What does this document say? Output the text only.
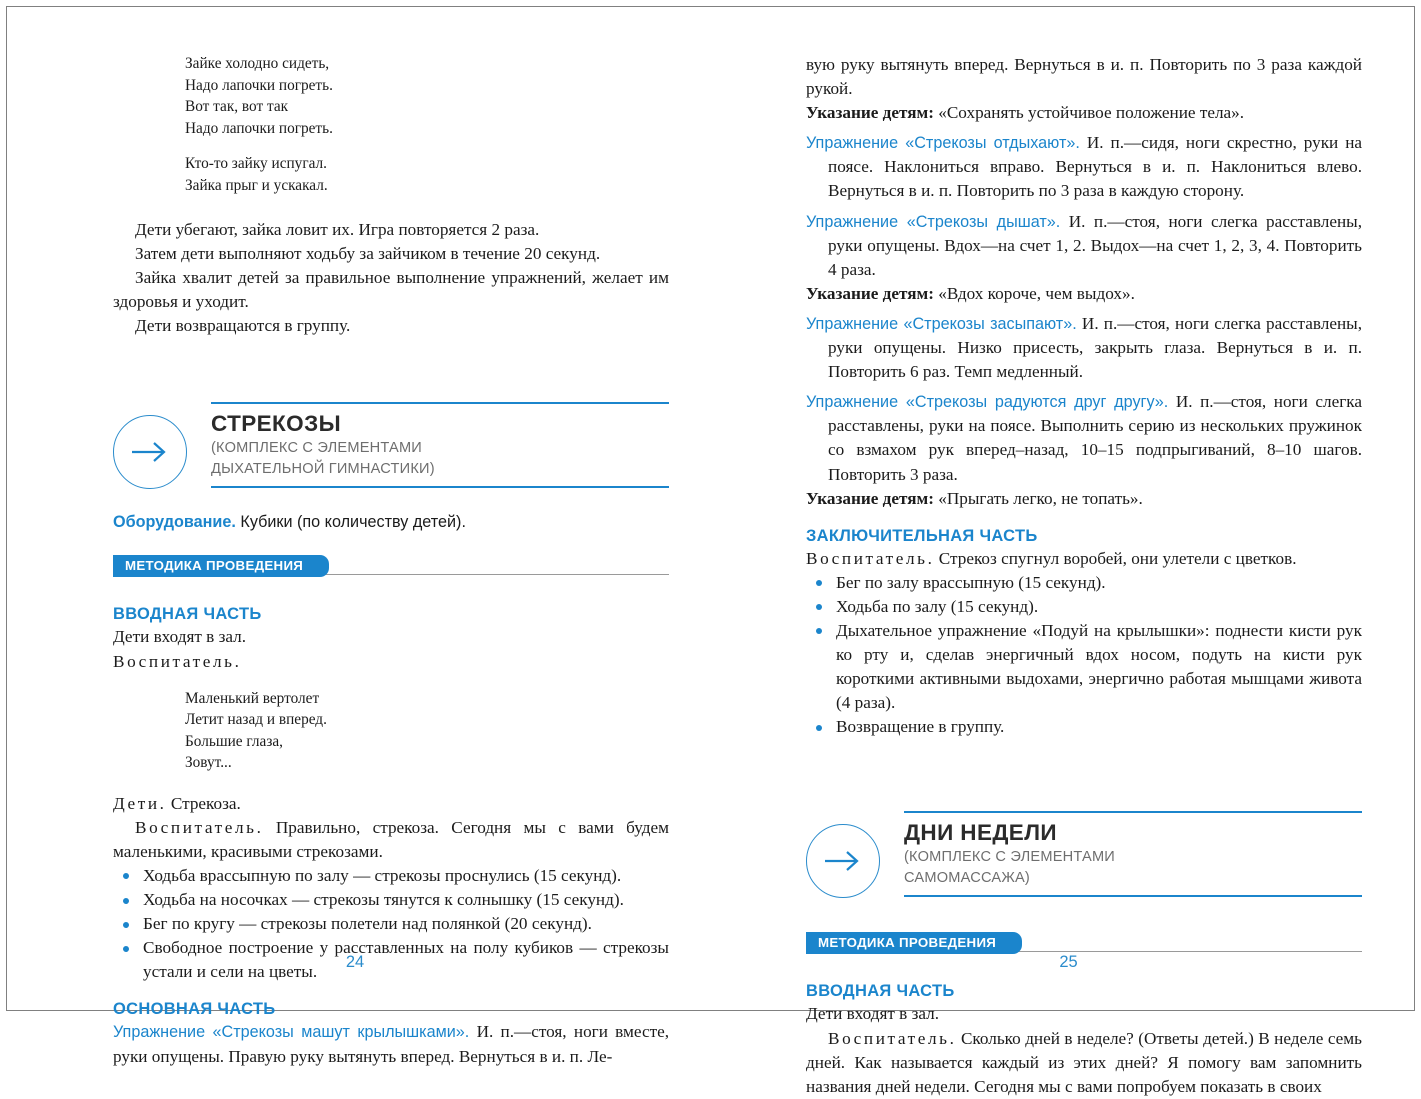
Зайке холодно сидеть,
Надо лапочки погреть.
Вот так, вот так
Надо лапочки погреть.
Кто-то зайку испугал.
Зайка прыг и ускакал.

Дети убегают, зайка ловит их. Игра повторяется 2 раза.

Затем дети выполняют ходьбу за зайчиком в течение 20 секунд.

Зайка хвалит детей за правильное выполнение упражнений, желает им здоровья и уходит.

Дети возвращаются в группу.

СТРЕКОЗЫ
(КОМПЛЕКС С ЭЛЕМЕНТАМИ
ДЫХАТЕЛЬНОЙ ГИМНАСТИКИ)
Оборудование. Кубики (по количеству детей).
МЕТОДИКА ПРОВЕДЕНИЯ
ВВОДНАЯ ЧАСТЬ

Дети входят в зал.

Воспитатель.

Маленький вертолет
Летит назад и вперед.
Большие глаза,
Зовут...

Дети. Стрекоза.

Воспитатель. Правильно, стрекоза. Сегодня мы с вами будем маленькими, красивыми стрекозами.

Ходьба врассыпную по залу — стрекозы проснулись (15 секунд).
Ходьба на носочках — стрекозы тянутся к солнышку (15 секунд).
Бег по кругу — стрекозы полетели над полянкой (20 секунд).
Свободное построение у расставленных на полу кубиков — стрекозы устали и сели на цветы.
ОСНОВНАЯ ЧАСТЬ

Упражнение «Стрекозы машут крылышками». И. п.—стоя, ноги вместе, руки опущены. Правую руку вытянуть вперед. Вернуться в и. п. Ле-

24

вую руку вытянуть вперед. Вернуться в и. п. Повторить по 3 раза каждой рукой.

Указание детям: «Сохранять устойчивое положение тела».

Упражнение «Стрекозы отдыхают». И. п.—сидя, ноги скрестно, руки на поясе. Наклониться вправо. Вернуться в и. п. Наклониться влево. Вернуться в и. п. Повторить по 3 раза в каждую сторону.

Упражнение «Стрекозы дышат». И. п.—стоя, ноги слегка расставлены, руки опущены. Вдох—на счет 1, 2. Выдох—на счет 1, 2, 3, 4. Повторить 4 раза.

Указание детям: «Вдох короче, чем выдох».

Упражнение «Стрекозы засыпают». И. п.—стоя, ноги слегка расставлены, руки опущены. Низко присесть, закрыть глаза. Вернуться в и. п. Повторить 6 раз. Темп медленный.

Упражнение «Стрекозы радуются друг другу». И. п.—стоя, ноги слегка расставлены, руки на поясе. Выполнить серию из нескольких пружинок со взмахом рук вперед–назад, 10–15 подпрыгиваний, 8–10 шагов. Повторить 3 раза.

Указание детям: «Прыгать легко, не топать».

ЗАКЛЮЧИТЕЛЬНАЯ ЧАСТЬ

Воспитатель. Стрекоз спугнул воробей, они улетели с цветков.

Бег по залу врассыпную (15 секунд).
Ходьба по залу (15 секунд).
Дыхательное упражнение «Подуй на крылышки»: поднести кисти рук ко рту и, сделав энергичный вдох носом, подуть на кисти рук короткими активными выдохами, энергично работая мышцами живота (4 раза).
Возвращение в группу.
ДНИ НЕДЕЛИ
(КОМПЛЕКС С ЭЛЕМЕНТАМИ
САМОМАССАЖА)
МЕТОДИКА ПРОВЕДЕНИЯ
ВВОДНАЯ ЧАСТЬ

Дети входят в зал.

Воспитатель. Сколько дней в неделе? (Ответы детей.) В неделе семь дней. Как называется каждый из этих дней? Я помогу вам запомнить названия дней недели. Сегодня мы с вами попробуем показать в своих

25
